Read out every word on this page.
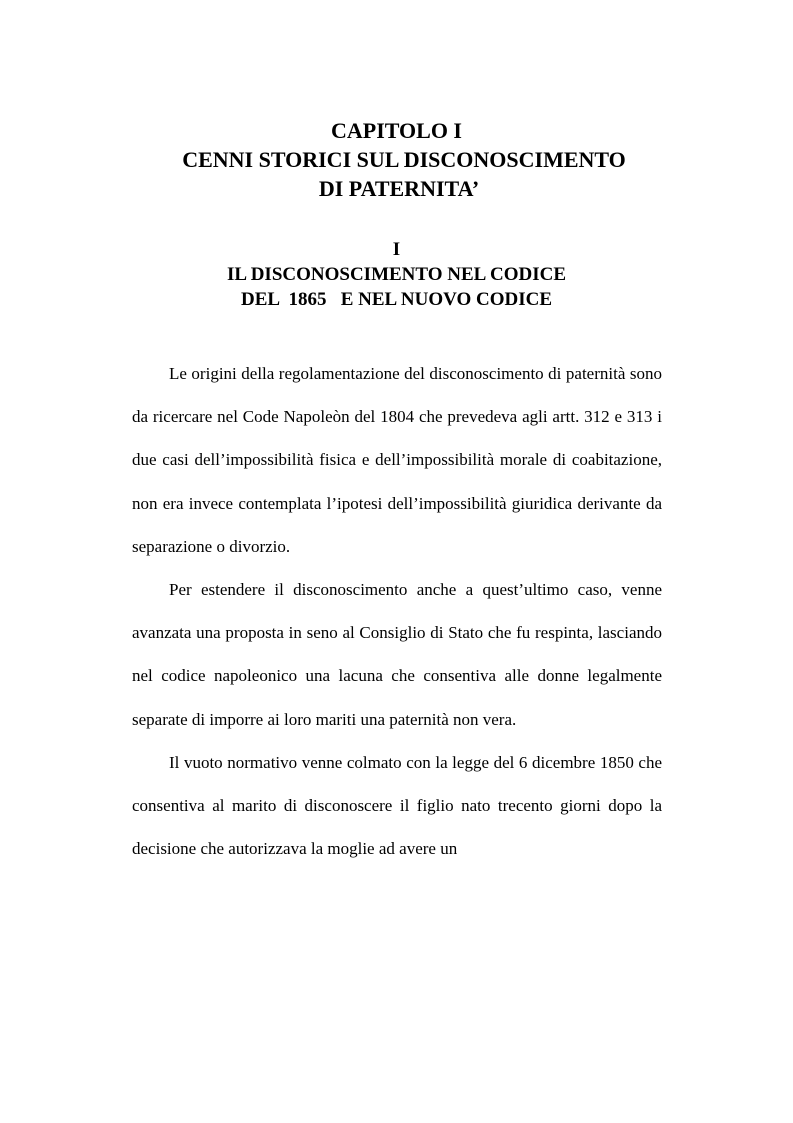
CAPITOLO I
CENNI STORICI SUL DISCONOSCIMENTO
DI PATERNITA’
I
IL DISCONOSCIMENTO NEL CODICE
DEL  1865   E NEL NUOVO CODICE

Le origini della regolamentazione del disconoscimento di paternità sono da ricercare nel Code Napoleòn del 1804 che prevedeva agli artt. 312 e 313 i due casi dell’impossibilità fisica e dell’impossibilità morale di coabitazione, non era invece contemplata l’ipotesi dell’impossibilità giuridica derivante da separazione o divorzio.

Per estendere il disconoscimento anche a quest’ultimo caso, venne avanzata una proposta in seno al Consiglio di Stato che fu respinta, lasciando nel codice napoleonico una lacuna che consentiva alle donne legalmente separate di imporre ai loro mariti una paternità non vera.

Il vuoto normativo venne colmato con la legge del 6 dicembre 1850 che consentiva al marito di disconoscere il figlio nato trecento giorni dopo la decisione che autorizzava la moglie ad avere un
